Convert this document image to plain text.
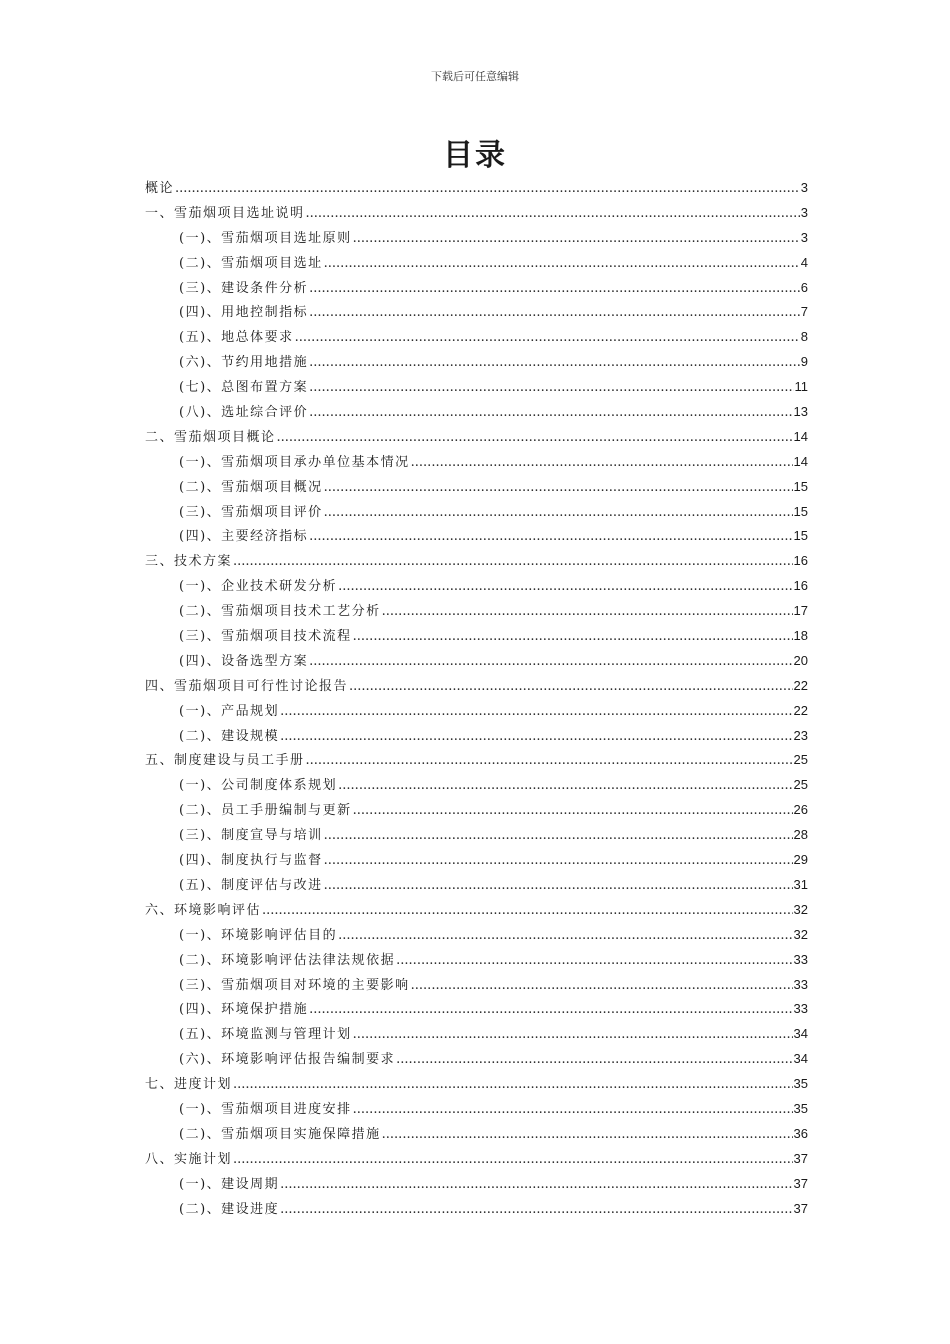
下载后可任意编辑
目录
概论 .....	3
一、雪茄烟项目选址说明 .....	3
(一)、雪茄烟项目选址原则 .....	3
(二)、雪茄烟项目选址 .....	4
(三)、建设条件分析 .....	6
(四)、用地控制指标 .....	7
(五)、地总体要求 .....	8
(六)、节约用地措施 .....	9
(七)、总图布置方案 .....	11
(八)、选址综合评价 .....	13
二、雪茄烟项目概论 .....	14
(一)、雪茄烟项目承办单位基本情况 .....	14
(二)、雪茄烟项目概况 .....	15
(三)、雪茄烟项目评价 .....	15
(四)、主要经济指标 .....	15
三、技术方案 .....	16
(一)、企业技术研发分析 .....	16
(二)、雪茄烟项目技术工艺分析 .....	17
(三)、雪茄烟项目技术流程 .....	18
(四)、设备选型方案 .....	20
四、雪茄烟项目可行性讨论报告 .....	22
(一)、产品规划 .....	22
(二)、建设规模 .....	23
五、制度建设与员工手册 .....	25
(一)、公司制度体系规划 .....	25
(二)、员工手册编制与更新 .....	26
(三)、制度宣导与培训 .....	28
(四)、制度执行与监督 .....	29
(五)、制度评估与改进 .....	31
六、环境影响评估 .....	32
(一)、环境影响评估目的 .....	32
(二)、环境影响评估法律法规依据 .....	33
(三)、雪茄烟项目对环境的主要影响 .....	33
(四)、环境保护措施 .....	33
(五)、环境监测与管理计划 .....	34
(六)、环境影响评估报告编制要求 .....	34
七、进度计划 .....	35
(一)、雪茄烟项目进度安排 .....	35
(二)、雪茄烟项目实施保障措施 .....	36
八、实施计划 .....	37
(一)、建设周期 .....	37
(二)、建设进度 .....	37
